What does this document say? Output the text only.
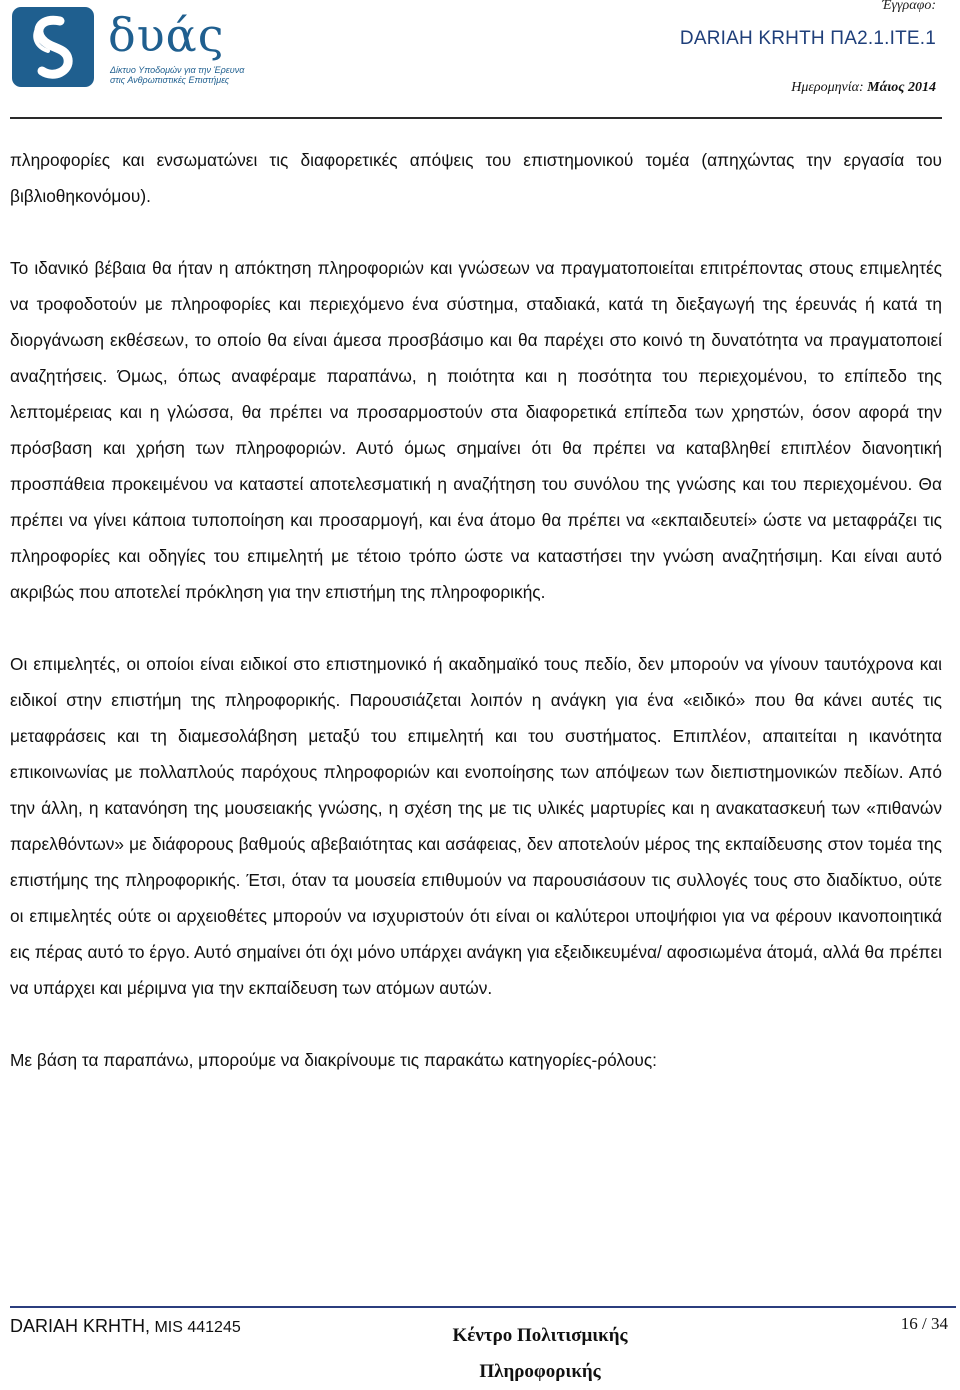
δυάς
Δίκτυο Υποδομών για την Έρευνα
στις Ανθρωπιστικές Επιστήμες
Έγγραφο:
DARIAH KRHTH ΠΑ2.1.ΙΤΕ.1
Ημερομηνία: Μάιος 2014

πληροφορίες και ενσωματώνει τις διαφορετικές απόψεις του επιστημονικού τομέα (απηχώντας την εργασία του βιβλιοθηκονόμου).

Το ιδανικό βέβαια θα ήταν η απόκτηση πληροφοριών και γνώσεων να πραγματοποιείται επιτρέποντας στους επιμελητές να τροφοδοτούν με πληροφορίες και περιεχόμενο ένα σύστημα, σταδιακά, κατά τη διεξαγωγή της έρευνάς ή κατά τη διοργάνωση εκθέσεων, το οποίο θα είναι άμεσα προσβάσιμο και θα παρέχει στο κοινό τη δυνατότητα να πραγματοποιεί αναζητήσεις. Όμως, όπως αναφέραμε παραπάνω, η ποιότητα και η ποσότητα του περιεχομένου, το επίπεδο της λεπτομέρειας και η γλώσσα, θα πρέπει να προσαρμοστούν στα διαφορετικά επίπεδα των χρηστών, όσον αφορά την πρόσβαση και χρήση των πληροφοριών. Αυτό όμως σημαίνει ότι θα πρέπει να καταβληθεί επιπλέον διανοητική προσπάθεια προκειμένου να καταστεί αποτελεσματική η αναζήτηση του συνόλου της γνώσης και του περιεχομένου. Θα πρέπει να γίνει κάποια τυποποίηση και προσαρμογή, και ένα άτομο θα πρέπει να «εκπαιδευτεί» ώστε να μεταφράζει τις πληροφορίες και οδηγίες του επιμελητή με τέτοιο τρόπο ώστε να καταστήσει την γνώση αναζητήσιμη. Και είναι αυτό ακριβώς που αποτελεί πρόκληση για την επιστήμη της πληροφορικής.

Οι επιμελητές, οι οποίοι είναι ειδικοί στο επιστημονικό ή ακαδημαϊκό τους πεδίο, δεν μπορούν να γίνουν ταυτόχρονα και ειδικοί στην επιστήμη της πληροφορικής. Παρουσιάζεται λοιπόν η ανάγκη για ένα «ειδικό» που θα κάνει αυτές τις μεταφράσεις και τη διαμεσολάβηση μεταξύ του επιμελητή και του συστήματος. Επιπλέον, απαιτείται η ικανότητα επικοινωνίας με πολλαπλούς παρόχους πληροφοριών και ενοποίησης των απόψεων των διεπιστημονικών πεδίων. Από την άλλη, η κατανόηση της μουσειακής γνώσης, η σχέση της με τις υλικές μαρτυρίες και η ανακατασκευή των «πιθανών παρελθόντων» με διάφορους βαθμούς αβεβαιότητας και ασάφειας, δεν αποτελούν μέρος της εκπαίδευσης στον τομέα της επιστήμης της πληροφορικής. Έτσι, όταν τα μουσεία επιθυμούν να παρουσιάσουν τις συλλογές τους στο διαδίκτυο, ούτε οι επιμελητές ούτε οι αρχειοθέτες μπορούν να ισχυριστούν ότι είναι οι καλύτεροι υποψήφιοι για να φέρουν ικανοποιητικά εις πέρας αυτό το έργο. Αυτό σημαίνει ότι όχι μόνο υπάρχει ανάγκη για εξειδικευμένα/ αφοσιωμένα άτομά, αλλά θα πρέπει να υπάρχει και μέριμνα για την εκπαίδευση των ατόμων αυτών.

Με βάση τα παραπάνω, μπορούμε να διακρίνουμε τις παρακάτω κατηγορίες-ρόλους:

DARIAH KRHTH, MIS 441245	Κέντρο Πολιτισμικής Πληροφορικής
16 / 34
